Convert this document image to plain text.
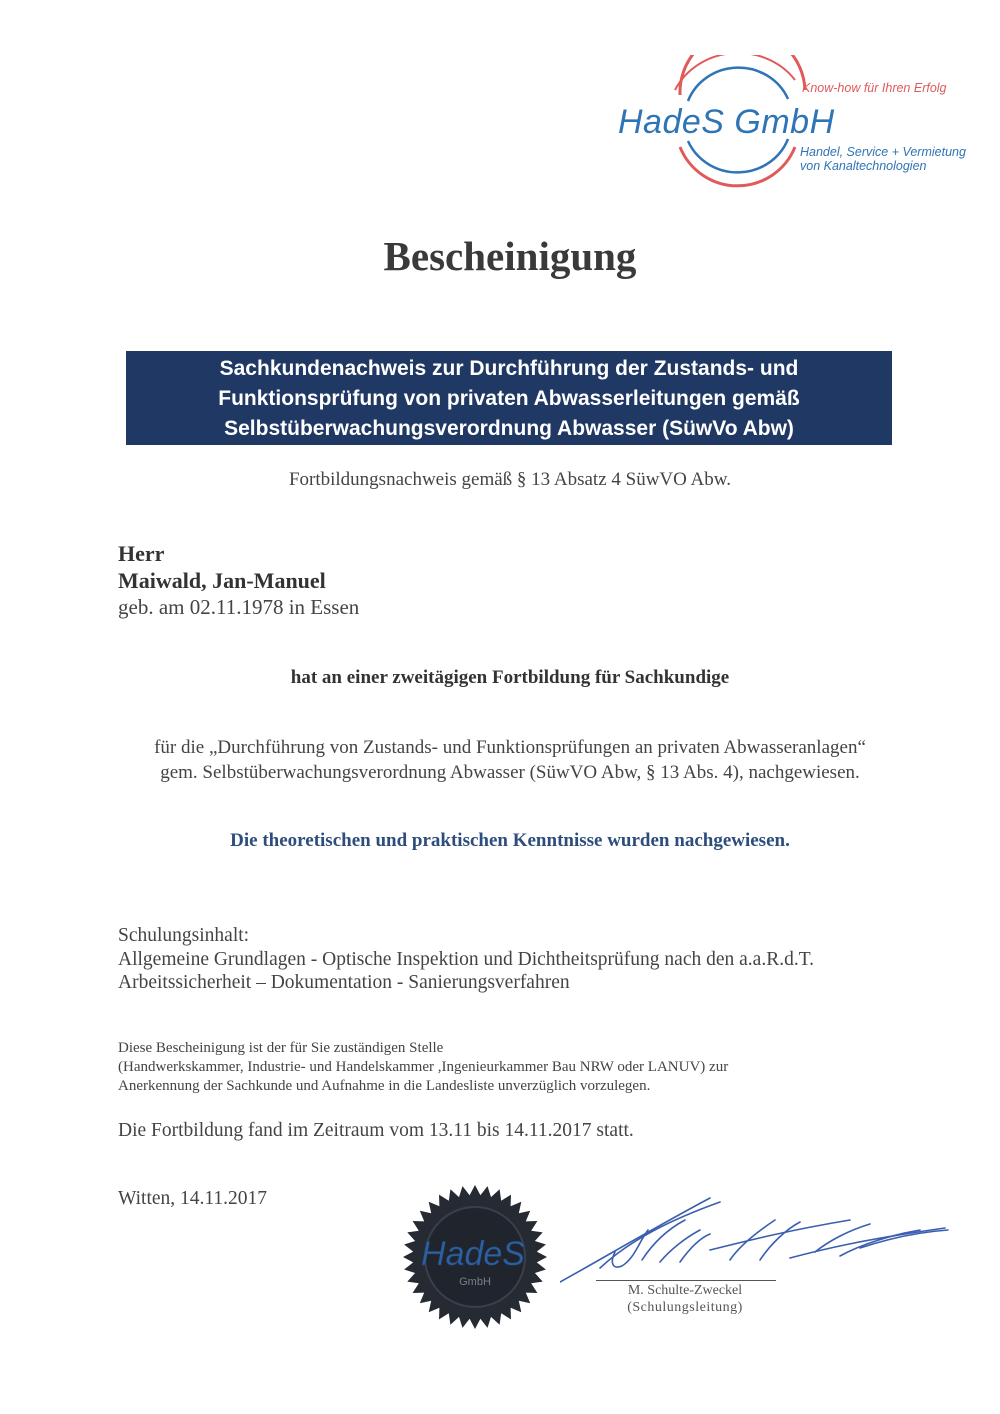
HadeS GmbH
Know-how für Ihren Erfolg
Handel, Service + Vermietung
von Kanaltechnologien
Bescheinigung
Sachkundenachweis zur Durchführung der Zustands- und
Funktionsprüfung von privaten Abwasserleitungen gemäß
Selbstüberwachungsverordnung Abwasser (SüwVo Abw)
Fortbildungsnachweis gemäß § 13 Absatz 4 SüwVO Abw.
Herr
Maiwald, Jan-Manuel
geb. am 02.11.1978 in Essen
hat an einer zweitägigen Fortbildung für Sachkundige
für die „Durchführung von Zustands- und Funktionsprüfungen an privaten Abwasseranlagen“
gem. Selbstüberwachungsverordnung Abwasser (SüwVO Abw, § 13 Abs. 4), nachgewiesen.
Die theoretischen und praktischen Kenntnisse wurden nachgewiesen.
Schulungsinhalt:
Allgemeine Grundlagen - Optische Inspektion und Dichtheitsprüfung nach den a.a.R.d.T.
Arbeitssicherheit – Dokumentation - Sanierungsverfahren
Diese Bescheinigung ist der für Sie zuständigen Stelle
(Handwerkskammer, Industrie- und Handelskammer ,Ingenieurkammer Bau NRW oder LANUV) zur
Anerkennung der Sachkunde und Aufnahme in die Landesliste unverzüglich vorzulegen.
Die Fortbildung fand im Zeitraum vom 13.11 bis 14.11.2017 statt.
Witten, 14.11.2017
HadeS
GmbH
M. Schulte-Zweckel
(Schulungsleitung)
